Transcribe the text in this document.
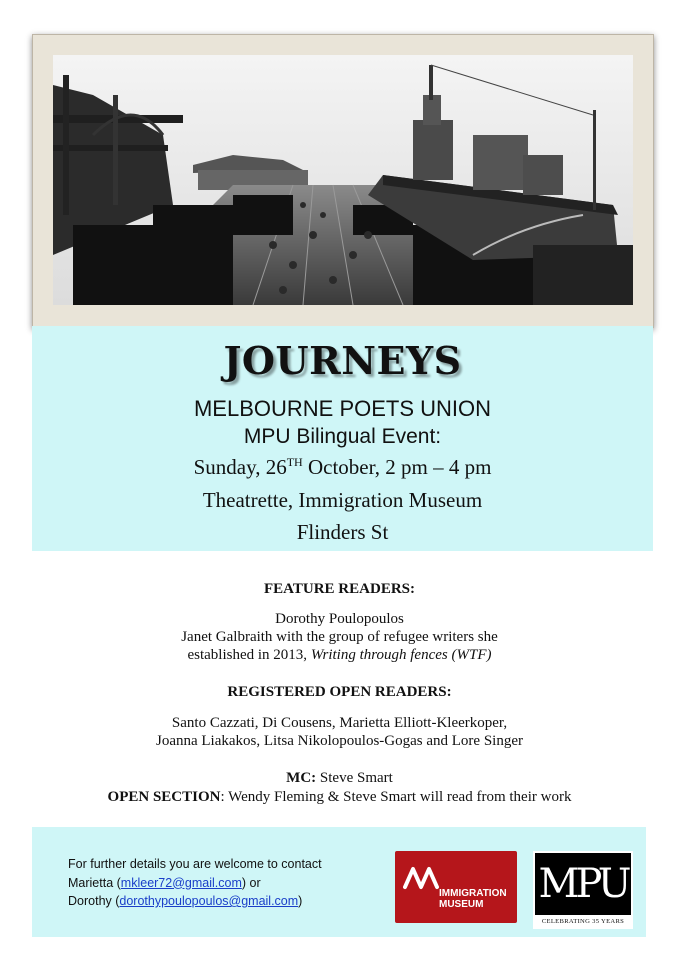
JOURNEYS
MELBOURNE POETS UNION
MPU Bilingual Event:
Sunday, 26TH October, 2 pm – 4 pm
Theatrette, Immigration Museum
Flinders St
FEATURE READERS:
Dorothy Poulopoulos
Janet Galbraith with the group of refugee writers she
established in 2013, Writing through fences (WTF)
REGISTERED OPEN READERS:
Santo Cazzati, Di Cousens, Marietta Elliott-Kleerkoper,
Joanna Liakakos, Litsa Nikolopoulos-Gogas and Lore Singer
MC: Steve Smart
OPEN SECTION: Wendy Fleming & Steve Smart will read from their work
For further details you are welcome to contact
Marietta (mkleer72@gmail.com) or
Dorothy (dorothypoulopoulos@gmail.com)
IMMIGRATION
MUSEUM	MPU
CELEBRATING 35 YEARS
